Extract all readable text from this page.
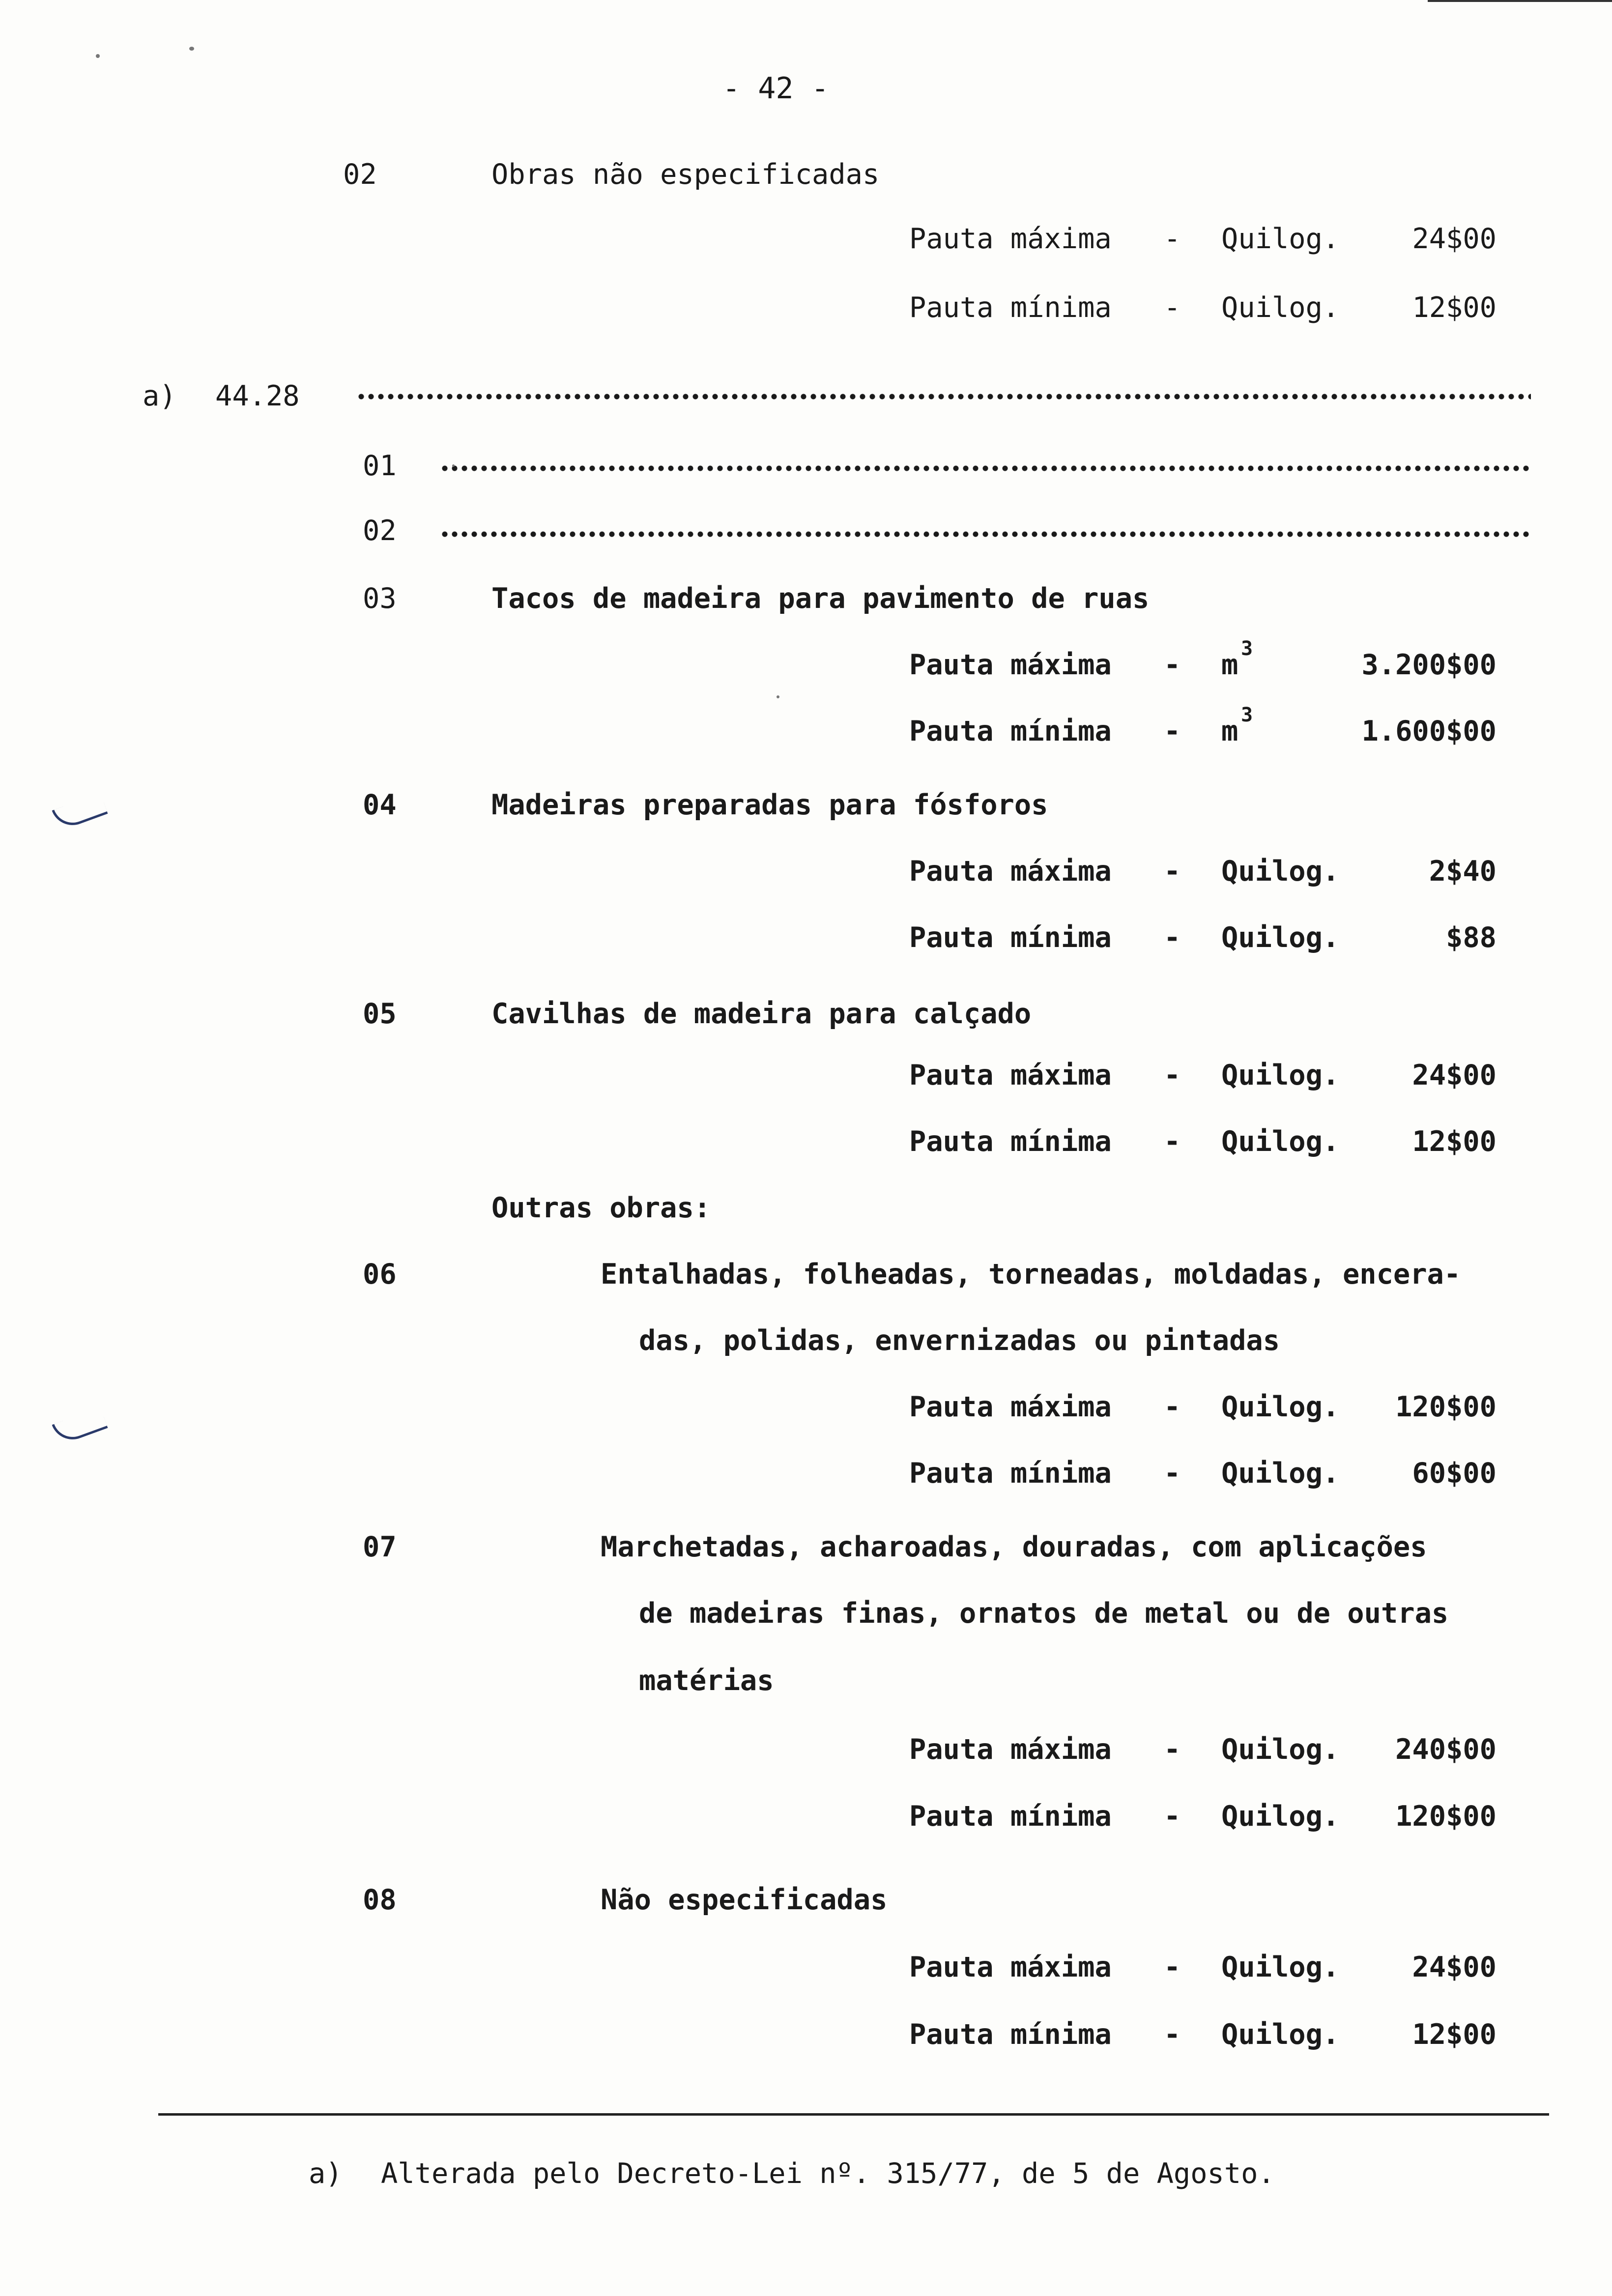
- 42 -
02	Obras não especificadas
Pauta máxima - Quilog.	24$00
Pauta mínima - Quilog.	12$00
a) 44.28
01
02
03	Tacos de madeira para pavimento de ruas
Pauta máxima - m 3	3.200$00
Pauta mínima - m 3	1.600$00
04	Madeiras preparadas para fósforos
Pauta máxima - Quilog.	2$40
Pauta mínima - Quilog.	$88
05	Cavilhas de madeira para calçado
Pauta máxima - Quilog.	24$00
Pauta mínima - Quilog.	12$00
Outras obras:
06	Entalhadas, folheadas, torneadas, moldadas, encera-
das, polidas, envernizadas ou pintadas
Pauta máxima - Quilog. 120$00
Pauta mínima - Quilog.	60$00
07	Marchetadas, acharoadas, douradas, com aplicações
de madeiras finas, ornatos de metal ou de outras
matérias
Pauta máxima - Quilog. 240$00
Pauta mínima - Quilog. 120$00
08	Não especificadas
Pauta máxima - Quilog.	24$00
Pauta mínima - Quilog.	12$00
a) Alterada pelo Decreto-Lei nº. 315/77, de 5 de Agosto.
